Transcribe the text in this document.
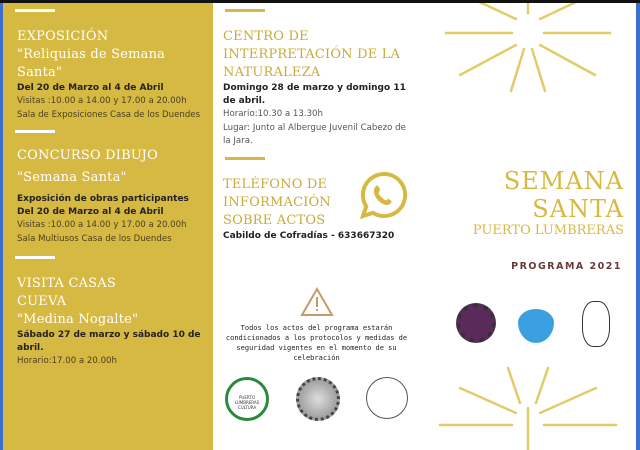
EXPOSICIÓN
"Reliquias de Semana Santa"
Del 20 de Marzo al 4 de Abril
Visitas :10.00 a 14.00 y 17.00 a 20.00h
Sala de Exposiciones Casa de los Duendes
CONCURSO DIBUJO
"Semana Santa"
Exposición de obras participantes
Del 20 de Marzo al 4 de Abril
Visitas :10.00 a 14.00 y 17.00 a 20.00h
Sala Multiusos Casa de los Duendes
VISITA CASAS CUEVA
"Medina Nogalte"
Sábado 27 de marzo y sábado 10 de abril.
Horario:17.00 a 20.00h
CENTRO DE INTERPRETACIÓN DE LA NATURALEZA
Domingo 28 de marzo y domingo 11 de abril.
Horario:10.30 a 13.30h
Lugar: Junto al Albergue Juvenil Cabezo de la Jara.
TELÉFONO DE INFORMACIÓN SOBRE ACTOS
Cabildo de Cofradías - 633667320
Todos los actos del programa estarán condicionados a los protocolos y medidas de seguridad vigentes en el momento de su celebración
PUERTO LUMBRERAS CULTURA
SEMANA
SANTA
PUERTO LUMBRERAS
PROGRAMA 2021
